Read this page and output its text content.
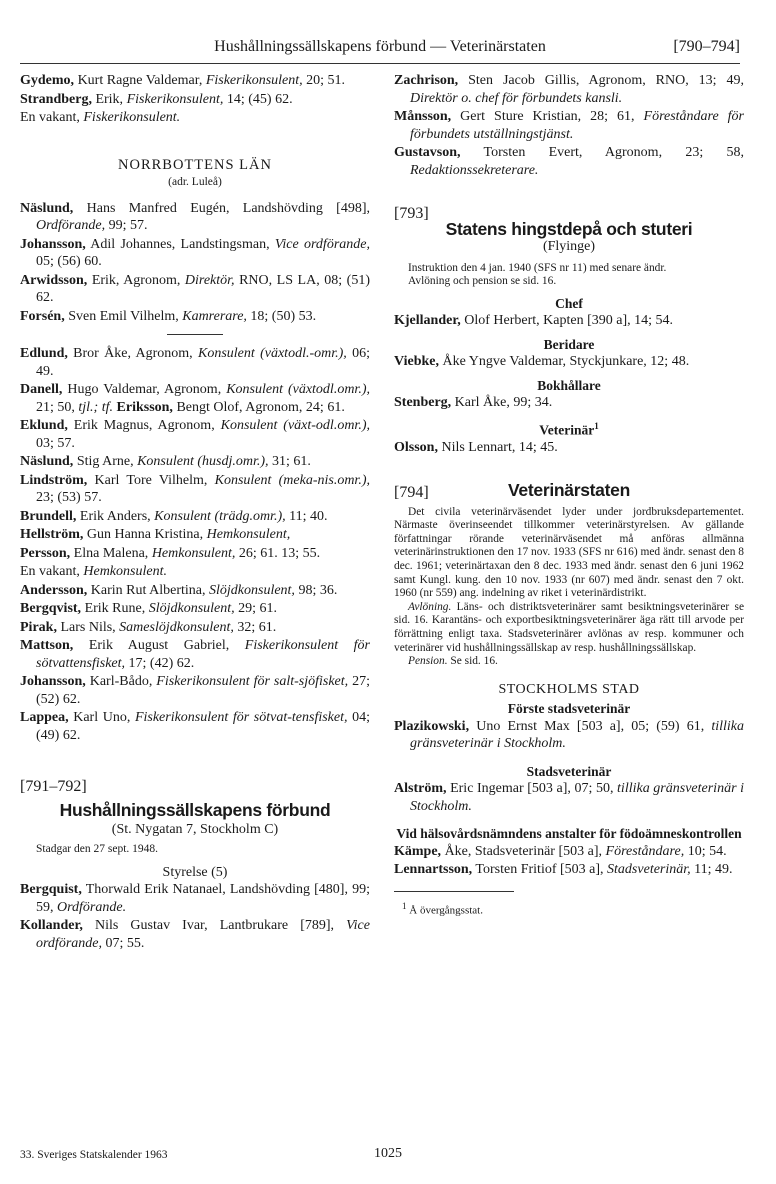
Hushållningssällskapens förbund — Veterinärstaten	[790–794]

Gydemo, Kurt Ragne Valdemar, Fiskerikonsulent, 20; 51.

Strandberg, Erik, Fiskerikonsulent, 14; (45) 62.

En vakant, Fiskerikonsulent.

NORRBOTTENS LÄN
(adr. Luleå)

Näslund, Hans Manfred Eugén, Landshövding [498], Ordförande, 99; 57.

Johansson, Adil Johannes, Landstingsman, Vice ordförande, 05; (56) 60.

Arwidsson, Erik, Agronom, Direktör, RNO, LS LA, 08; (51) 62.

Forsén, Sven Emil Vilhelm, Kamrerare, 18; (50) 53.

Edlund, Bror Åke, Agronom, Konsulent (växtodl.-omr.), 06; 49.

Danell, Hugo Valdemar, Agronom, Konsulent (växtodl.omr.), 21; 50, tjl.; tf. Eriksson, Bengt Olof, Agronom, 24; 61.

Eklund, Erik Magnus, Agronom, Konsulent (växt-odl.omr.), 03; 57.

Näslund, Stig Arne, Konsulent (husdj.omr.), 31; 61.

Lindström, Karl Tore Vilhelm, Konsulent (meka-nis.omr.), 23; (53) 57.

Brundell, Erik Anders, Konsulent (trädg.omr.), 11; 40.

Hellström, Gun Hanna Kristina, Hemkonsulent,

Persson, Elna Malena, Hemkonsulent, 26; 61. 13; 55.

En vakant, Hemkonsulent.

Andersson, Karin Rut Albertina, Slöjdkonsulent, 98; 36.

Bergqvist, Erik Rune, Slöjdkonsulent, 29; 61.

Pirak, Lars Nils, Sameslöjdkonsulent, 32; 61.

Mattson, Erik August Gabriel, Fiskerikonsulent för sötvattensfisket, 17; (42) 62.

Johansson, Karl-Bådo, Fiskerikonsulent för salt-sjöfisket, 27; (52) 62.

Lappea, Karl Uno, Fiskerikonsulent för sötvat-tensfisket, 04; (49) 62.

[791–792]
Hushållningssällskapens förbund
(St. Nygatan 7, Stockholm C)
Stadgar den 27 sept. 1948.
Styrelse (5)

Bergquist, Thorwald Erik Natanael, Landshövding [480], 99; 59, Ordförande.

Kollander, Nils Gustav Ivar, Lantbrukare [789], Vice ordförande, 07; 55.

Zachrison, Sten Jacob Gillis, Agronom, RNO, 13; 49, Direktör o. chef för förbundets kansli.

Månsson, Gert Sture Kristian, 28; 61, Föreståndare för förbundets utställningstjänst.

Gustavson, Torsten Evert, Agronom, 23; 58, Redaktionssekreterare.

[793]
Statens hingstdepå och stuteri
(Flyinge)
Instruktion den 4 jan. 1940 (SFS nr 11) med senare ändr.
Avlöning och pension se sid. 16.
Chef

Kjellander, Olof Herbert, Kapten [390 a], 14; 54.

Beridare

Viebke, Åke Yngve Valdemar, Styckjunkare, 12; 48.

Bokhållare

Stenberg, Karl Åke, 99; 34.

Veterinär$^1$

Olsson, Nils Lennart, 14; 45.

[794]	Veterinärstaten
Det civila veterinärväsendet lyder under jordbruksdepartementet. Närmaste överinseendet tillkommer veterinärstyrelsen. Av gällande författningar rörande veterinärväsendet må anföras allmänna veterinärinstruktionen den 17 nov. 1933 (SFS nr 616) med ändr. senast den 8 dec. 1961; veterinärtaxan den 8 dec. 1933 med ändr. senast den 6 juni 1962 samt Kungl. kung. den 10 nov. 1933 (nr 607) med ändr. senast den 7 okt. 1960 (nr 559) ang. indelning av riket i veterinärdistrikt.
Avlöning. Läns- och distriktsveterinärer samt besiktningsveterinärer se sid. 16. Karantäns- och exportbesiktningsveterinärer äga rätt till arvode per förrättning enligt taxa. Stadsveterinärer avlönas av resp. kommuner och veterinärer vid hushållningssällskap av resp. hushållningssällskap.
Pension. Se sid. 16.
STOCKHOLMS STAD
Förste stadsveterinär

Plazikowski, Uno Ernst Max [503 a], 05; (59) 61, tillika gränsveterinär i Stockholm.

Stadsveterinär

Alström, Eric Ingemar [503 a], 07; 50, tillika gränsveterinär i Stockholm.

Vid hälsovårdsnämndens anstalter för födoämneskontrollen

Kämpe, Åke, Stadsveterinär [503 a], Föreståndare, 10; 54.

Lennartsson, Torsten Fritiof [503 a], Stadsveterinär, 11; 49.

$^1$ Å övergångsstat.
33. Sveriges Statskalender 1963	1025
